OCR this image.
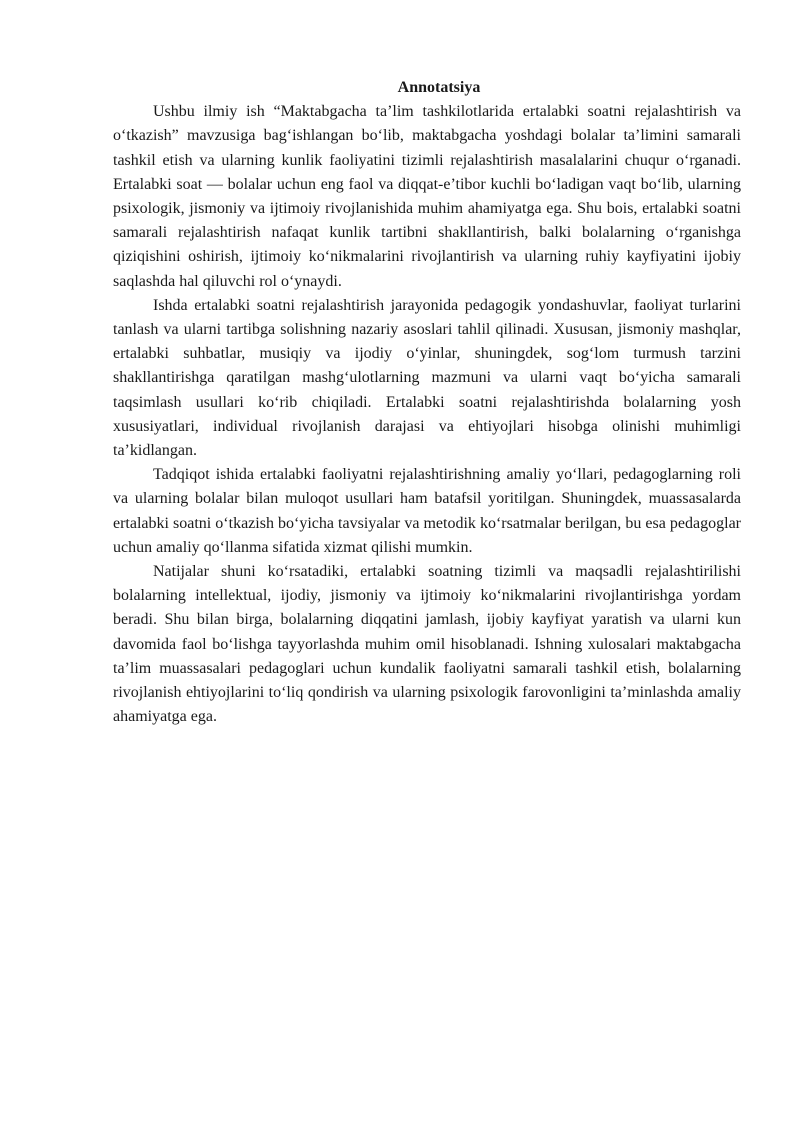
Annotatsiya

Ushbu ilmiy ish “Maktabgacha ta’lim tashkilotlarida ertalabki soatni rejalashtirish va o‘tkazish” mavzusiga bag‘ishlangan bo‘lib, maktabgacha yoshdagi bolalar ta’limini samarali tashkil etish va ularning kunlik faoliyatini tizimli rejalashtirish masalalarini chuqur o‘rganadi. Ertalabki soat — bolalar uchun eng faol va diqqat-e’tibor kuchli bo‘ladigan vaqt bo‘lib, ularning psixologik, jismoniy va ijtimoiy rivojlanishida muhim ahamiyatga ega. Shu bois, ertalabki soatni samarali rejalashtirish nafaqat kunlik tartibni shakllantirish, balki bolalarning o‘rganishga qiziqishini oshirish, ijtimoiy ko‘nikmalarini rivojlantirish va ularning ruhiy kayfiyatini ijobiy saqlashda hal qiluvchi rol o‘ynaydi.

Ishda ertalabki soatni rejalashtirish jarayonida pedagogik yondashuvlar, faoliyat turlarini tanlash va ularni tartibga solishning nazariy asoslari tahlil qilinadi. Xususan, jismoniy mashqlar, ertalabki suhbatlar, musiqiy va ijodiy o‘yinlar, shuningdek, sog‘lom turmush tarzini shakllantirishga qaratilgan mashg‘ulotlarning mazmuni va ularni vaqt bo‘yicha samarali taqsimlash usullari ko‘rib chiqiladi. Ertalabki soatni rejalashtirishda bolalarning yosh xususiyatlari, individual rivojlanish darajasi va ehtiyojlari hisobga olinishi muhimligi ta’kidlangan.

Tadqiqot ishida ertalabki faoliyatni rejalashtirishning amaliy yo‘llari, pedagoglarning roli va ularning bolalar bilan muloqot usullari ham batafsil yoritilgan. Shuningdek, muassasalarda ertalabki soatni o‘tkazish bo‘yicha tavsiyalar va metodik ko‘rsatmalar berilgan, bu esa pedagoglar uchun amaliy qo‘llanma sifatida xizmat qilishi mumkin.

Natijalar shuni ko‘rsatadiki, ertalabki soatning tizimli va maqsadli rejalashtirilishi bolalarning intellektual, ijodiy, jismoniy va ijtimoiy ko‘nikmalarini rivojlantirishga yordam beradi. Shu bilan birga, bolalarning diqqatini jamlash, ijobiy kayfiyat yaratish va ularni kun davomida faol bo‘lishga tayyorlashda muhim omil hisoblanadi. Ishning xulosalari maktabgacha ta’lim muassasalari pedagoglari uchun kundalik faoliyatni samarali tashkil etish, bolalarning rivojlanish ehtiyojlarini to‘liq qondirish va ularning psixologik farovonligini ta’minlashda amaliy ahamiyatga ega.
